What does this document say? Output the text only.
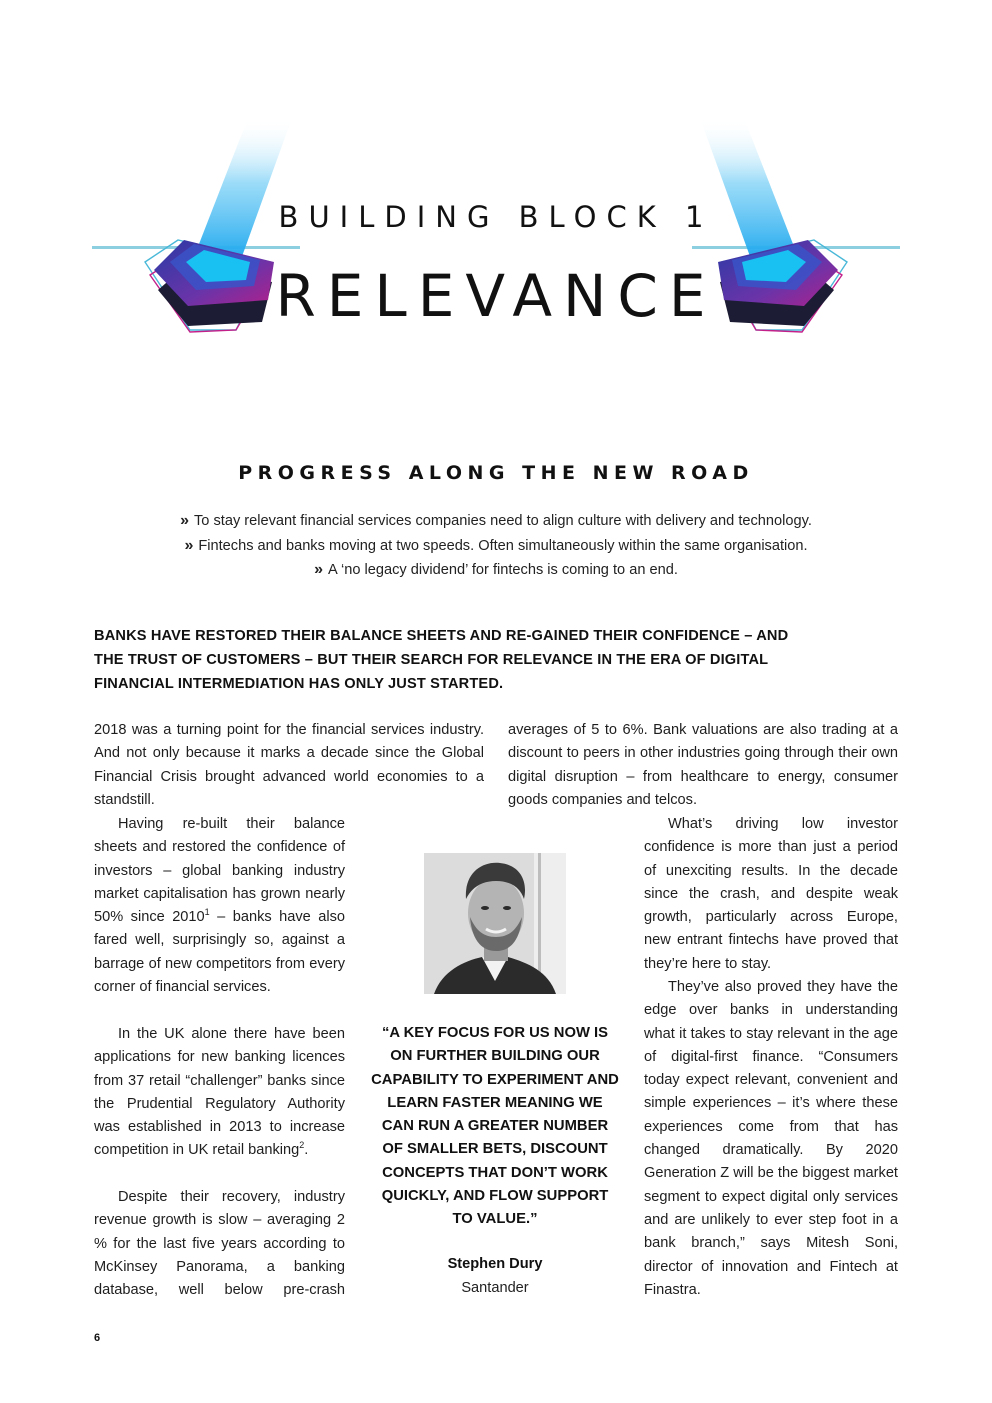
BUILDING BLOCK 1
RELEVANCE
PROGRESS ALONG THE NEW ROAD
» To stay relevant financial services companies need to align culture with delivery and technology.
» Fintechs and banks moving at two speeds. Often simultaneously within the same organisation.
» A ‘no legacy dividend’ for fintechs is coming to an end.
BANKS HAVE RESTORED THEIR BALANCE SHEETS AND RE-GAINED THEIR CONFIDENCE – AND THE TRUST OF CUSTOMERS – BUT THEIR SEARCH FOR RELEVANCE IN THE ERA OF DIGITAL FINANCIAL INTERMEDIATION HAS ONLY JUST STARTED.

2018 was a turning point for the financial services industry. And not only because it marks a decade since the Global Financial Crisis brought advanced world economies to a standstill.

averages of 5 to 6%. Bank valuations are also trading at a discount to peers in other industries going through their own digital disruption – from healthcare to energy, consumer goods companies and telcos.

Having re-built their balance sheets and restored the confidence of investors – global banking industry market capitalisation has grown nearly 50% since 2010$^1$ – banks have also fared well, surprisingly so, against a barrage of new competitors from every corner of financial services.

In the UK alone there have been applications for new banking licences from 37 retail “challenger” banks since the Prudential Regulatory Authority was established in 2013 to increase competition in UK retail banking$^2$.

Despite their recovery, industry revenue growth is slow – averaging 2 % for the last five years according to McKinsey Panorama, a banking database, well below pre-crash

What’s driving low investor confidence is more than just a period of unexciting results. In the decade since the crash, and despite weak growth, particularly across Europe, new entrant fintechs have proved that they’re here to stay.

They’ve also proved they have the edge over banks in understanding what it takes to stay relevant in the age of digital-first finance. “Consumers today expect relevant, convenient and simple experiences – it’s where these experiences come from that has changed dramatically. By 2020 Generation Z will be the biggest market segment to expect digital only services and are unlikely to ever step foot in a bank branch,” says Mitesh Soni, director of innovation and Fintech at Finastra.

“A KEY FOCUS FOR US NOW IS ON FURTHER BUILDING OUR CAPABILITY TO EXPERIMENT AND LEARN FASTER MEANING WE CAN RUN A GREATER NUMBER OF SMALLER BETS, DISCOUNT CONCEPTS THAT DON’T WORK QUICKLY, AND FLOW SUPPORT TO VALUE.”
Stephen Dury
Santander
6
